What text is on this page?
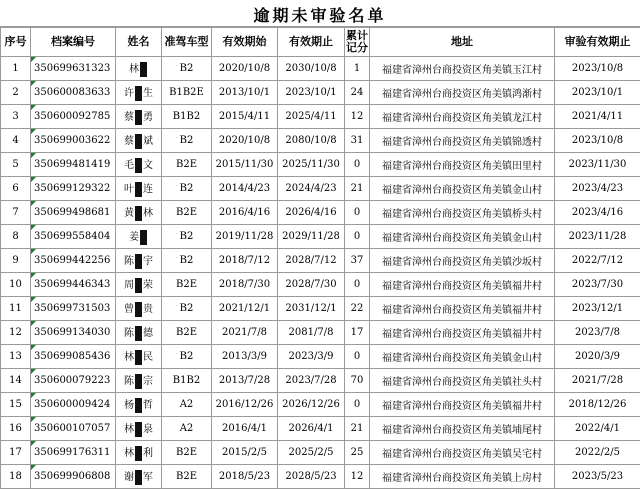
逾期未审验名单
序号	档案编号	姓名	准驾车型	有效期始	有效期止	累计记分	地址	审验有效期止
1	350699631323	林	B2	2020/10/8	2030/10/8	1	福建省漳州台商投资区角美镇玉江村	2023/10/8
2	350600083633	许 生	B1B2E	2013/10/1	2023/10/1	24	福建省漳州台商投资区角美镇鸿渐村	2023/10/1
3	350600092785	蔡 勇	B1B2	2015/4/11	2025/4/11	12	福建省漳州台商投资区角美镇龙江村	2021/4/11
4	350699003622	蔡 斌	B2	2020/10/8	2080/10/8	31	福建省漳州台商投资区角美镇锦透村	2023/10/8
5	350699481419	毛 文	B2E	2015/11/30	2025/11/30	0	福建省漳州台商投资区角美镇田里村	2023/11/30
6	350699129322	叶 连	B2	2014/4/23	2024/4/23	21	福建省漳州台商投资区角美镇金山村	2023/4/23
7	350699498681	黄 林	B2E	2016/4/16	2026/4/16	0	福建省漳州台商投资区角美镇桥头村	2023/4/16
8	350699558404	姜	B2	2019/11/28	2029/11/28	0	福建省漳州台商投资区角美镇金山村	2023/11/28
9	350699442256	陈 宇	B2	2018/7/12	2028/7/12	37	福建省漳州台商投资区角美镇沙坂村	2022/7/12
10	350699446343	周 荣	B2E	2018/7/30	2028/7/30	0	福建省漳州台商投资区角美镇福井村	2023/7/30
11	350699731503	曾 贵	B2	2021/12/1	2031/12/1	22	福建省漳州台商投资区角美镇福井村	2023/12/1
12	350699134030	陈 德	B2E	2021/7/8	2081/7/8	17	福建省漳州台商投资区角美镇福井村	2023/7/8
13	350699085436	林 民	B2	2013/3/9	2023/3/9	0	福建省漳州台商投资区角美镇金山村	2020/3/9
14	350600079223	陈 宗	B1B2	2013/7/28	2023/7/28	70	福建省漳州台商投资区角美镇社头村	2021/7/28
15	350600009424	杨 哲	A2	2016/12/26	2026/12/26	0	福建省漳州台商投资区角美镇福井村	2018/12/26
16	350600107057	林 泉	A2	2016/4/1	2026/4/1	21	福建省漳州台商投资区角美镇埔尾村	2022/4/1
17	350699176311	林 利	B2E	2015/2/5	2025/2/5	25	福建省漳州台商投资区角美镇吴宅村	2022/2/5
18	350699906808	谢 军	B2E	2018/5/23	2028/5/23	12	福建省漳州台商投资区角美镇上房村	2023/5/23
